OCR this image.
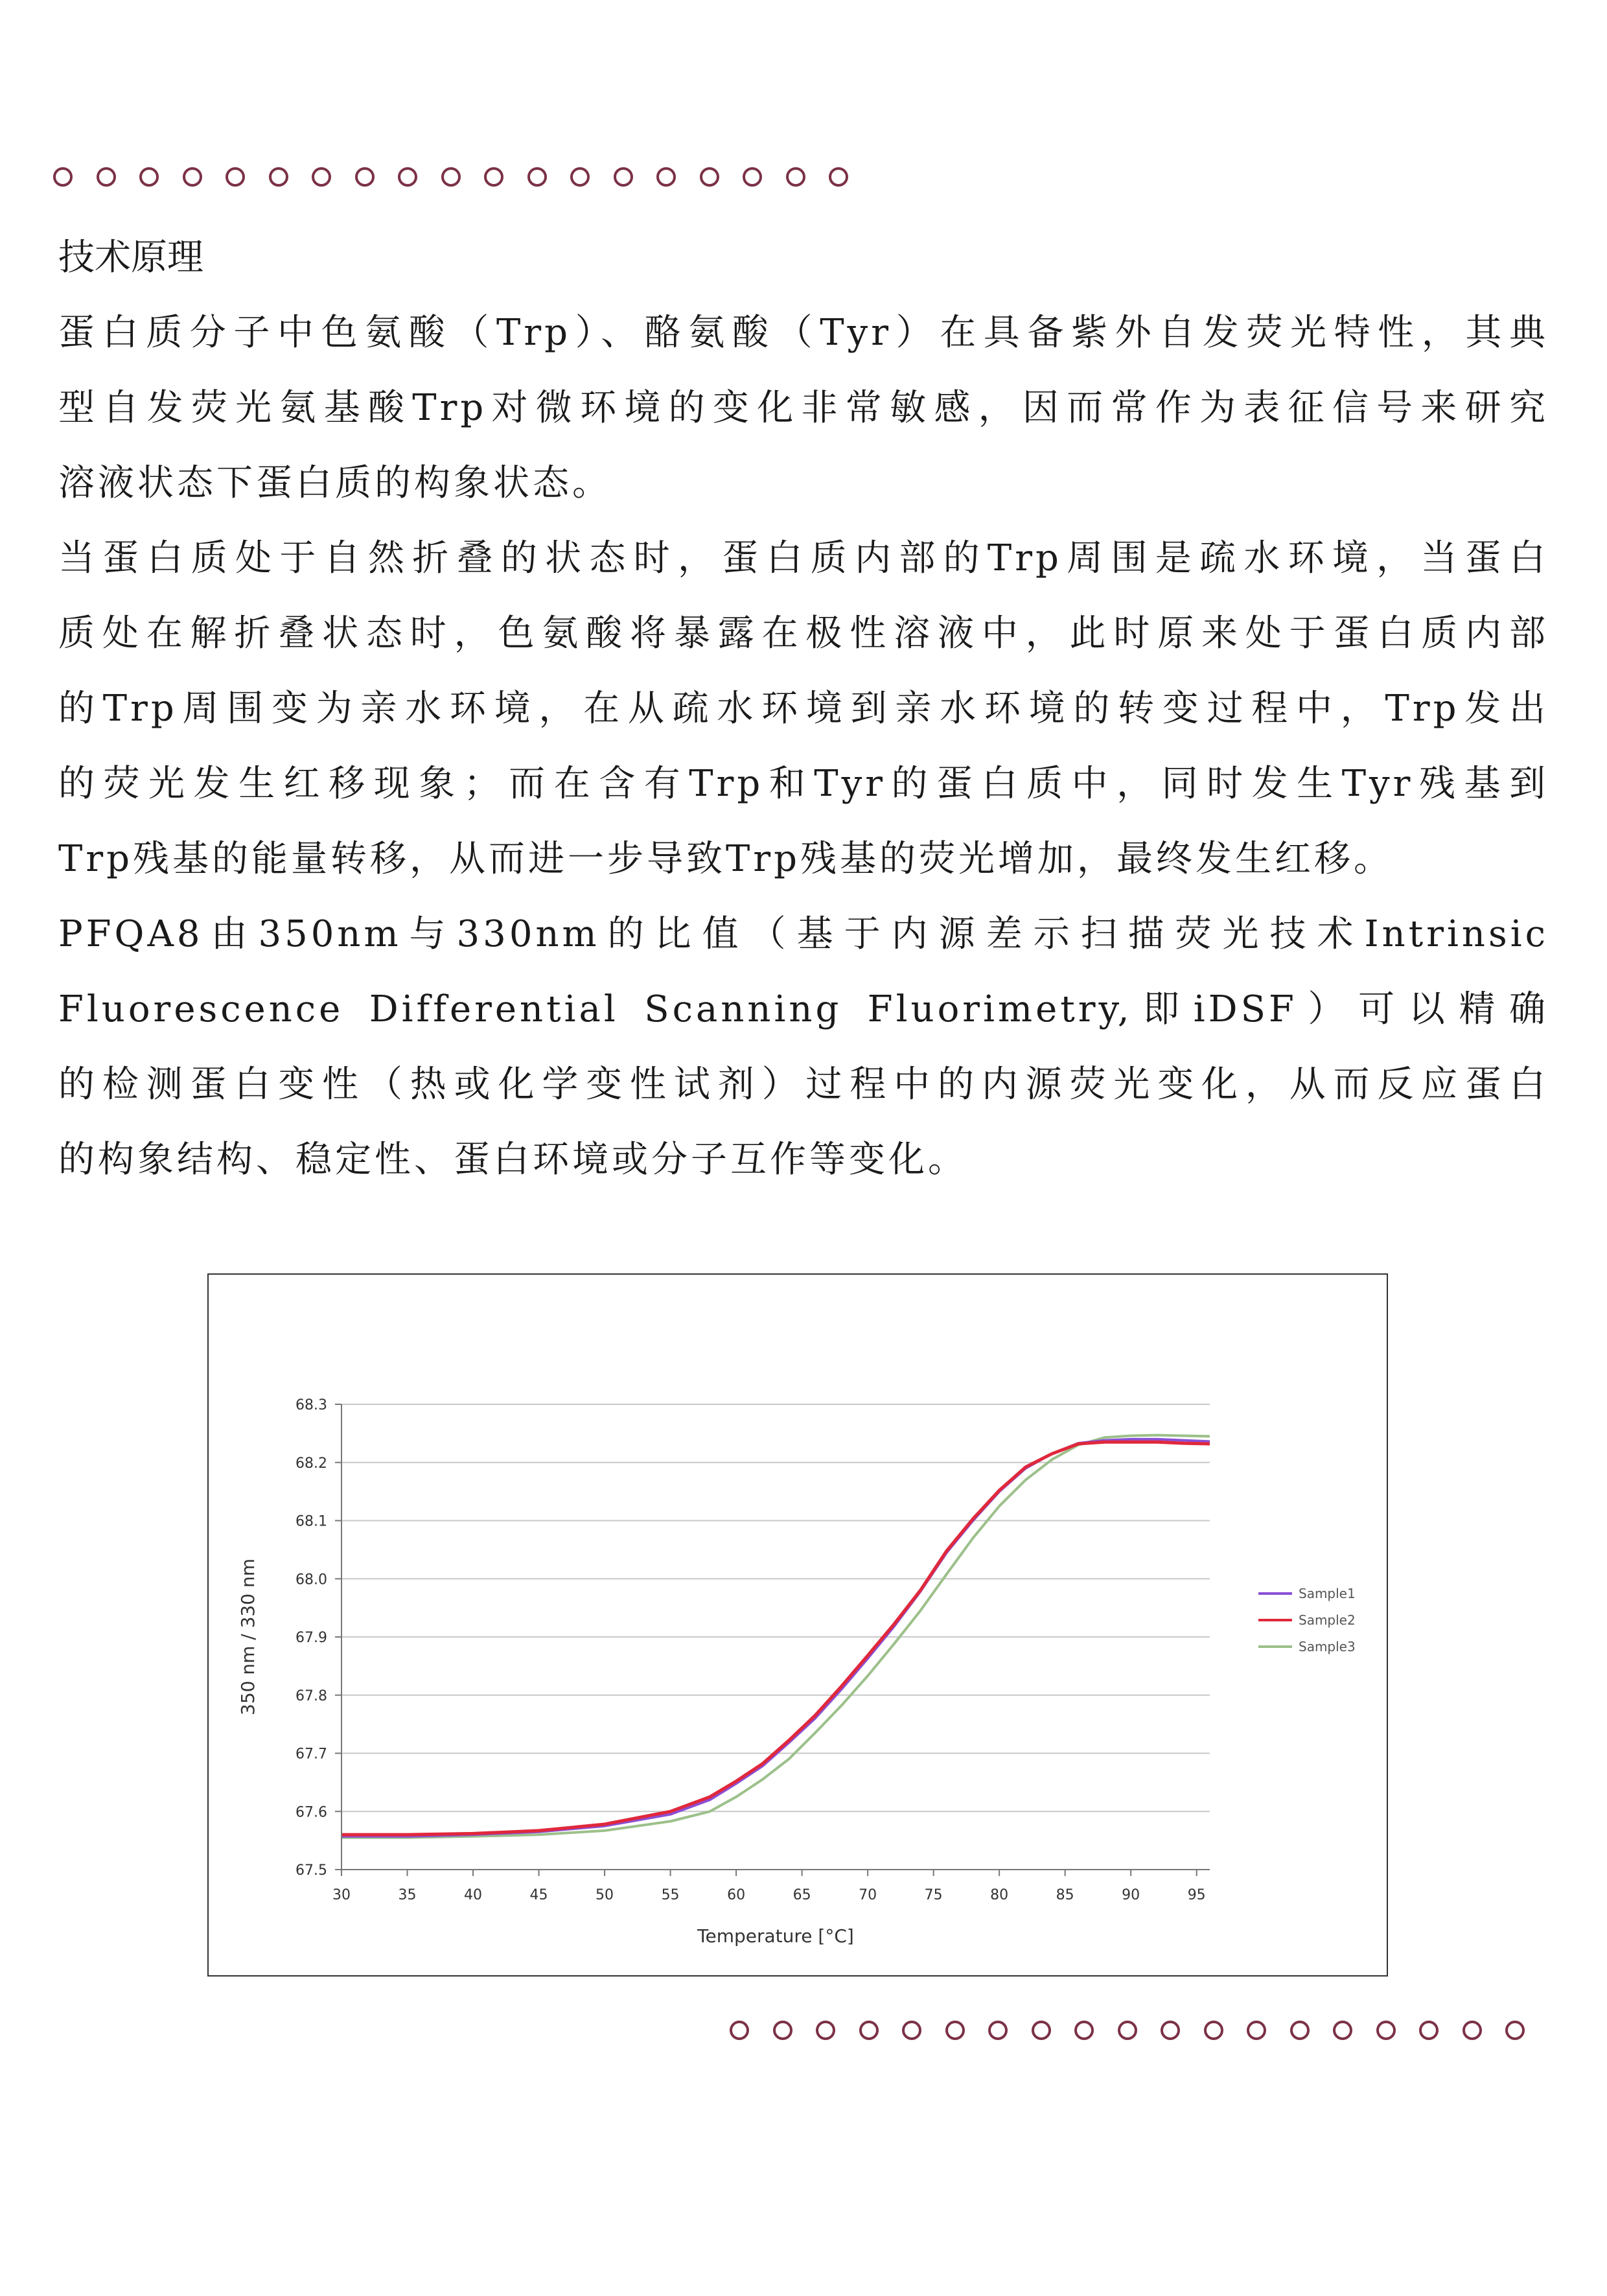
技术原理

蛋白质分子中色氨酸（Trp）、酪氨酸（Tyr）在具备紫外自发荧光特性，其典

型自发荧光氨基酸Trp对微环境的变化非常敏感，因而常作为表征信号来研究

溶液状态下蛋白质的构象状态。

当蛋白质处于自然折叠的状态时，蛋白质内部的Trp周围是疏水环境，当蛋白

质处在解折叠状态时，色氨酸将暴露在极性溶液中，此时原来处于蛋白质内部

的Trp周围变为亲水环境，在从疏水环境到亲水环境的转变过程中，Trp发出

的荧光发生红移现象；而在含有Trp和Tyr的蛋白质中，同时发生Tyr残基到

Trp残基的能量转移，从而进一步导致Trp残基的荧光增加，最终发生红移。

PFQA8由350nm与330nm的比值（基于内源差示扫描荧光技术Intrinsic

Fluorescence Differential Scanning Fluorimetry,即iDSF）可以精确

的检测蛋白变性（热或化学变性试剂）过程中的内源荧光变化，从而反应蛋白

的构象结构、稳定性、蛋白环境或分子互作等变化。

67.5
67.6
67.7
67.8
67.9
68.0
68.1
68.2
68.3
30	35	40	45	50	55	60	65	70	75	80	85	90	95
Temperature [°C]
350 nm / 330 nm	Sample1
Sample2
Sample3
